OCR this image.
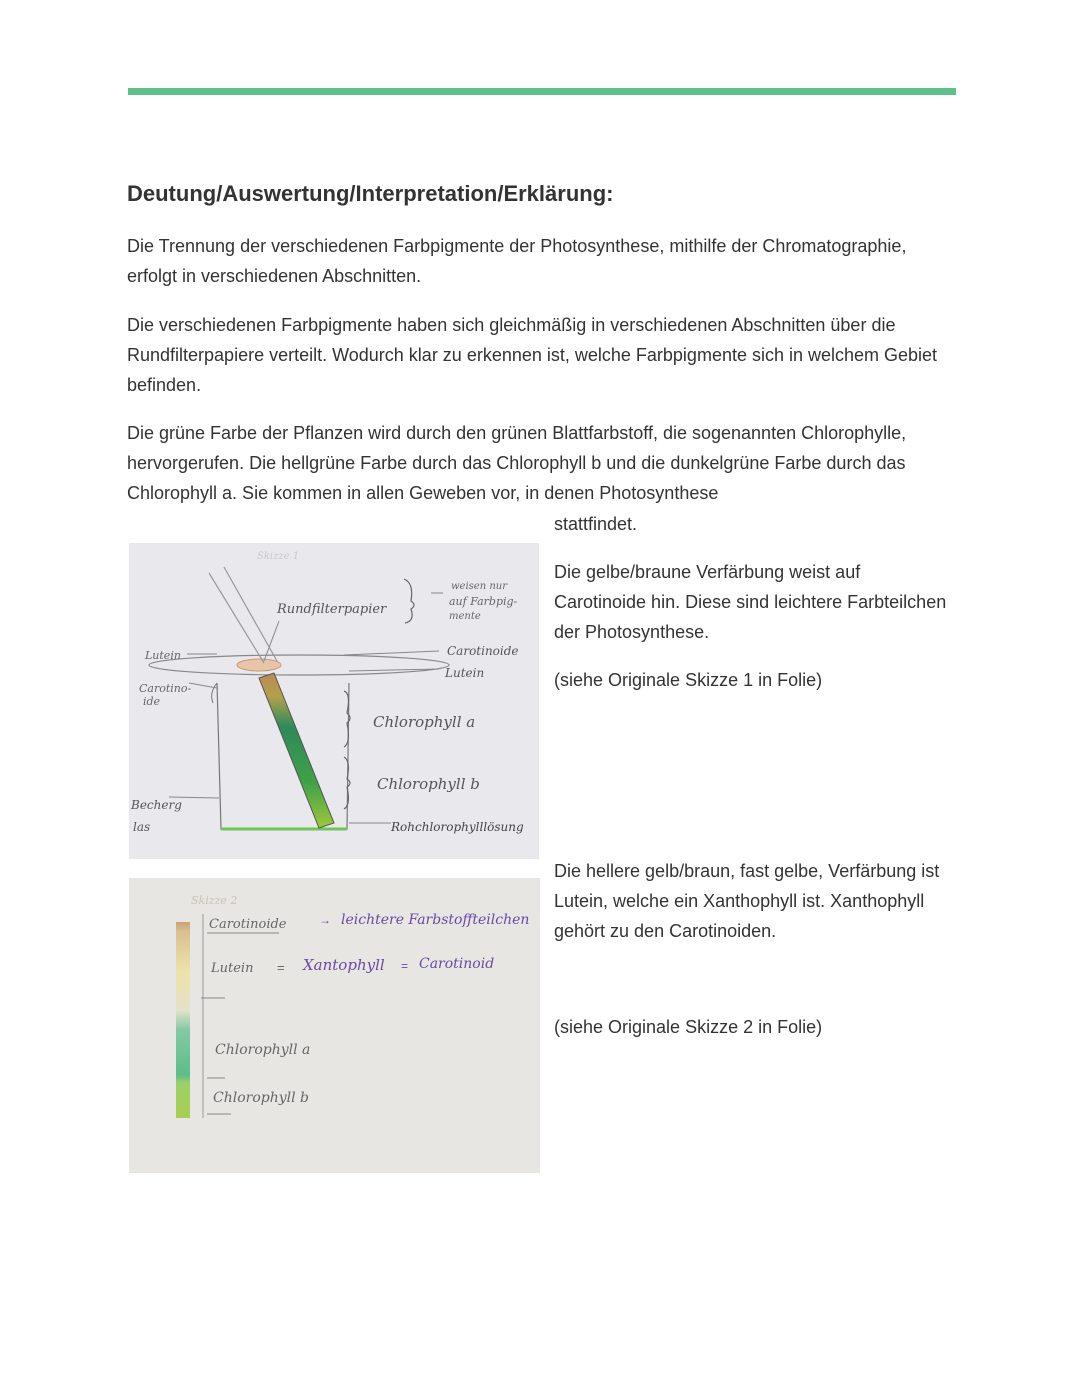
Deutung/Auswertung/Interpretation/Erklärung:

Die Trennung der verschiedenen Farbpigmente der Photosynthese, mithilfe der Chromatographie, erfolgt in verschiedenen Abschnitten.

Die verschiedenen Farbpigmente haben sich gleichmäßig in verschiedenen Abschnitten über die Rundfilterpapiere verteilt. Wodurch klar zu erkennen ist, welche Farbpigmente sich in welchem Gebiet befinden.

Die grüne Farbe der Pflanzen wird durch den grünen Blattfarbstoff, die sogenannten Chlorophylle, hervorgerufen. Die hellgrüne Farbe durch das Chlorophyll b und die dunkelgrüne Farbe durch das Chlorophyll a. Sie kommen in allen Geweben vor, in denen Photosynthese

stattfindet.

Die gelbe/braune Verfärbung weist auf Carotinoide hin. Diese sind leichtere Farbteilchen der Photosynthese.

(siehe Originale Skizze 1 in Folie)

Die hellere gelb/braun, fast gelbe, Verfärbung ist Lutein, welche ein Xanthophyll ist. Xanthophyll gehört zu den Carotinoiden.

(siehe Originale Skizze 2 in Folie)

Skizze 1
Rundfilterpapier
weisen nur
auf Farbpig-
mente
Carotinoide
Lutein
Lutein
Carotino-
ide
Chlorophyll a
Chlorophyll b
Becherg
las	Rohchlorophylllösung
Skizze 2
Carotinoide	→ leichtere Farbstoffteilchen
Lutein = Xantophyll = Carotinoid
Chlorophyll a
Chlorophyll b
